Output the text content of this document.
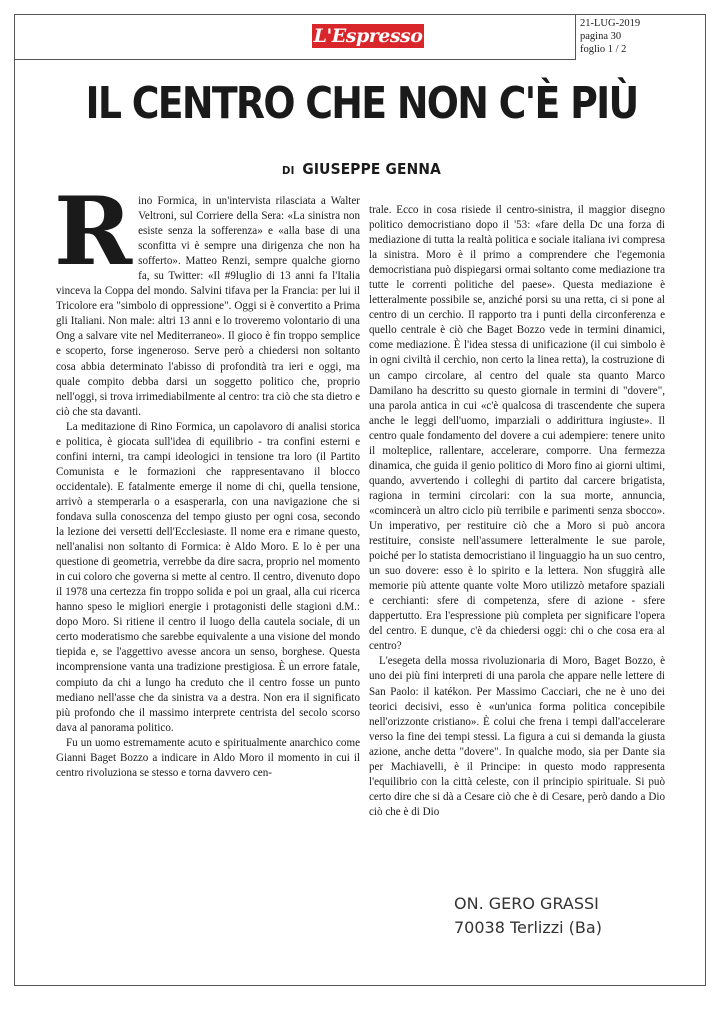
L'Espresso
21-LUG-2019
pagina 30
foglio 1 / 2
IL CENTRO CHE NON C'È PIÙ
DI GIUSEPPE GENNA

Rino Formica, in un'intervista rilasciata a Walter Veltroni, sul Corriere della Sera: «La sinistra non esiste senza la sofferenza» e «alla base di una sconfitta vi è sempre una dirigenza che non ha sofferto». Matteo Renzi, sempre qualche giorno fa, su Twitter: «Il #9luglio di 13 anni fa l'Italia vinceva la Coppa del mondo. Salvini tifava per la Francia: per lui il Tricolore era "simbolo di oppressione". Oggi si è convertito a Prima gli Italiani. Non male: altri 13 anni e lo troveremo volontario di una Ong a salvare vite nel Mediterraneo». Il gioco è fin troppo semplice e scoperto, forse ingeneroso. Serve però a chiedersi non soltanto cosa abbia determinato l'abisso di profondità tra ieri e oggi, ma quale compito debba darsi un soggetto politico che, proprio nell'oggi, si trova irrimediabilmente al centro: tra ciò che sta dietro e ciò che sta davanti.

La meditazione di Rino Formica, un capolavoro di analisi storica e politica, è giocata sull'idea di equilibrio - tra confini esterni e confini interni, tra campi ideologici in tensione tra loro (il Partito Comunista e le formazioni che rappresentavano il blocco occidentale). E fatalmente emerge il nome di chi, quella tensione, arrivò a stemperarla o a esasperarla, con una navigazione che si fondava sulla conoscenza del tempo giusto per ogni cosa, secondo la lezione dei versetti dell'Ecclesiaste. Il nome era e rimane questo, nell'analisi non soltanto di Formica: è Aldo Moro. E lo è per una questione di geometria, verrebbe da dire sacra, proprio nel momento in cui coloro che governa si mette al centro. Il centro, divenuto dopo il 1978 una certezza fin troppo solida e poi un graal, alla cui ricerca hanno speso le migliori energie i protagonisti delle stagioni d.M.: dopo Moro. Si ritiene il centro il luogo della cautela sociale, di un certo moderatismo che sarebbe equivalente a una visione del mondo tiepida e, se l'aggettivo avesse ancora un senso, borghese. Questa incomprensione vanta una tradizione prestigiosa. È un errore fatale, compiuto da chi a lungo ha creduto che il centro fosse un punto mediano nell'asse che da sinistra va a destra. Non era il significato più profondo che il massimo interprete centrista del secolo scorso dava al panorama politico.

Fu un uomo estremamente acuto e spiritualmente anarchico come Gianni Baget Bozzo a indicare in Aldo Moro il momento in cui il centro rivoluziona se stesso e torna davvero cen-

trale. Ecco in cosa risiede il centro-sinistra, il maggior disegno politico democristiano dopo il '53: «fare della Dc una forza di mediazione di tutta la realtà politica e sociale italiana ivi compresa la sinistra. Moro è il primo a comprendere che l'egemonia democristiana può dispiegarsi ormai soltanto come mediazione tra tutte le correnti politiche del paese». Questa mediazione è letteralmente possibile se, anziché porsi su una retta, ci si pone al centro di un cerchio. Il rapporto tra i punti della circonferenza e quello centrale è ciò che Baget Bozzo vede in termini dinamici, come mediazione. È l'idea stessa di unificazione (il cui simbolo è in ogni civiltà il cerchio, non certo la linea retta), la costruzione di un campo circolare, al centro del quale sta quanto Marco Damilano ha descritto su questo giornale in termini di "dovere", una parola antica in cui «c'è qualcosa di trascendente che supera anche le leggi dell'uomo, imparziali o addirittura ingiuste». Il centro quale fondamento del dovere a cui adempiere: tenere unito il molteplice, rallentare, accelerare, comporre. Una fermezza dinamica, che guida il genio politico di Moro fino ai giorni ultimi, quando, avvertendo i colleghi di partito dal carcere brigatista, ragiona in termini circolari: con la sua morte, annuncia, «comincerà un altro ciclo più terribile e parimenti senza sbocco». Un imperativo, per restituire ciò che a Moro si può ancora restituire, consiste nell'assumere letteralmente le sue parole, poiché per lo statista democristiano il linguaggio ha un suo centro, un suo dovere: esso è lo spirito e la lettera. Non sfuggirà alle memorie più attente quante volte Moro utilizzò metafore spaziali e cerchianti: sfere di competenza, sfere di azione - sfere dappertutto. Era l'espressione più completa per significare l'opera del centro. E dunque, c'è da chiedersi oggi: chi o che cosa era al centro?

L'esegeta della mossa rivoluzionaria di Moro, Baget Bozzo, è uno dei più fini interpreti di una parola che appare nelle lettere di San Paolo: il katékon. Per Massimo Cacciari, che ne è uno dei teorici decisivi, esso è «un'unica forma politica concepibile nell'orizzonte cristiano». È colui che frena i tempi dall'accelerare verso la fine dei tempi stessi. La figura a cui si demanda la giusta azione, anche detta "dovere". In qualche modo, sia per Dante sia per Machiavelli, è il Principe: in questo modo rappresenta l'equilibrio con la città celeste, con il principio spirituale. Si può certo dire che si dà a Cesare ciò che è di Cesare, però dando a Dio ciò che è di Dio

ON. GERO GRASSI
70038 Terlizzi (Ba)
